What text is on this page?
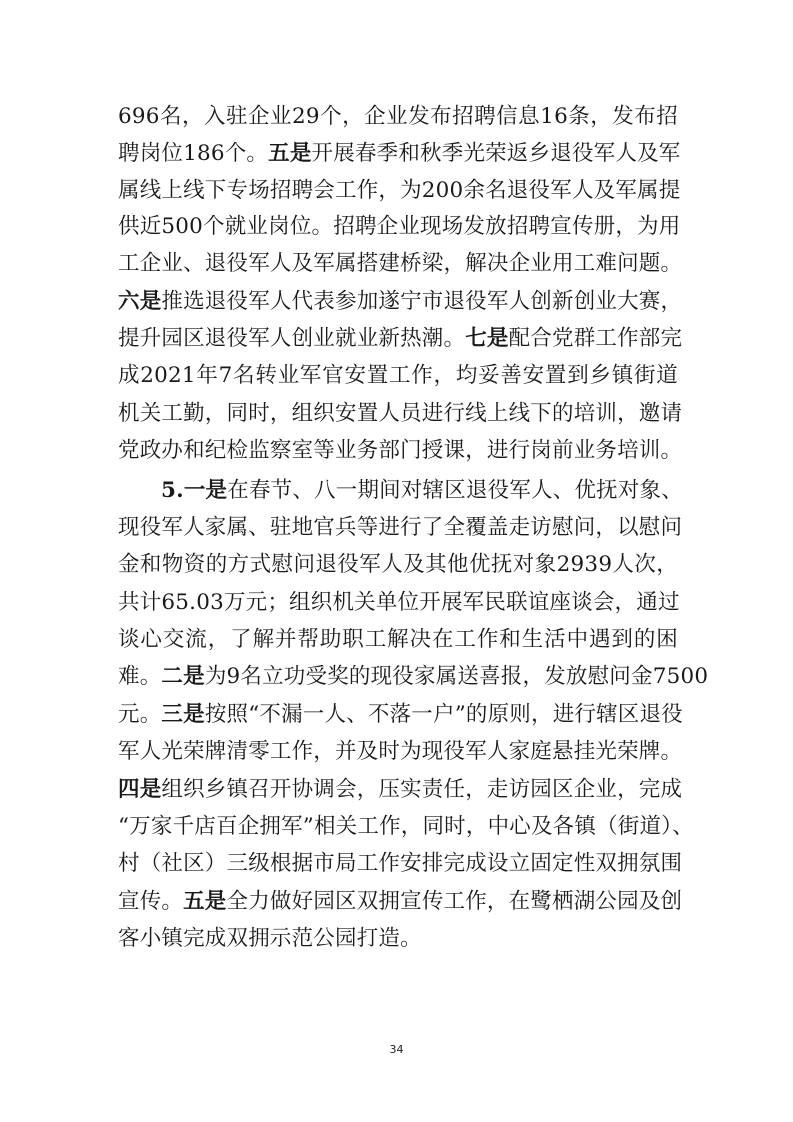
696名，入驻企业29个，企业发布招聘信息16条，发布招
聘岗位186个。五是开展春季和秋季光荣返乡退役军人及军
属线上线下专场招聘会工作，为200余名退役军人及军属提
供近500个就业岗位。招聘企业现场发放招聘宣传册，为用
工企业、退役军人及军属搭建桥梁，解决企业用工难问题。
六是推选退役军人代表参加遂宁市退役军人创新创业大赛，
提升园区退役军人创业就业新热潮。七是配合党群工作部完
成2021年7名转业军官安置工作，均妥善安置到乡镇街道
机关工勤，同时，组织安置人员进行线上线下的培训，邀请
党政办和纪检监察室等业务部门授课，进行岗前业务培训。
5.一是在春节、八一期间对辖区退役军人、优抚对象、
现役军人家属、驻地官兵等进行了全覆盖走访慰问，以慰问
金和物资的方式慰问退役军人及其他优抚对象2939人次，
共计65.03万元；组织机关单位开展军民联谊座谈会，通过
谈心交流，了解并帮助职工解决在工作和生活中遇到的困
难。二是为9名立功受奖的现役家属送喜报，发放慰问金7500
元。三是按照“不漏一人、不落一户”的原则，进行辖区退役
军人光荣牌清零工作，并及时为现役军人家庭悬挂光荣牌。
四是组织乡镇召开协调会，压实责任，走访园区企业，完成
“万家千店百企拥军”相关工作，同时，中心及各镇（街道）、
村（社区）三级根据市局工作安排完成设立固定性双拥氛围
宣传。五是全力做好园区双拥宣传工作，在鹭栖湖公园及创
客小镇完成双拥示范公园打造。
34
